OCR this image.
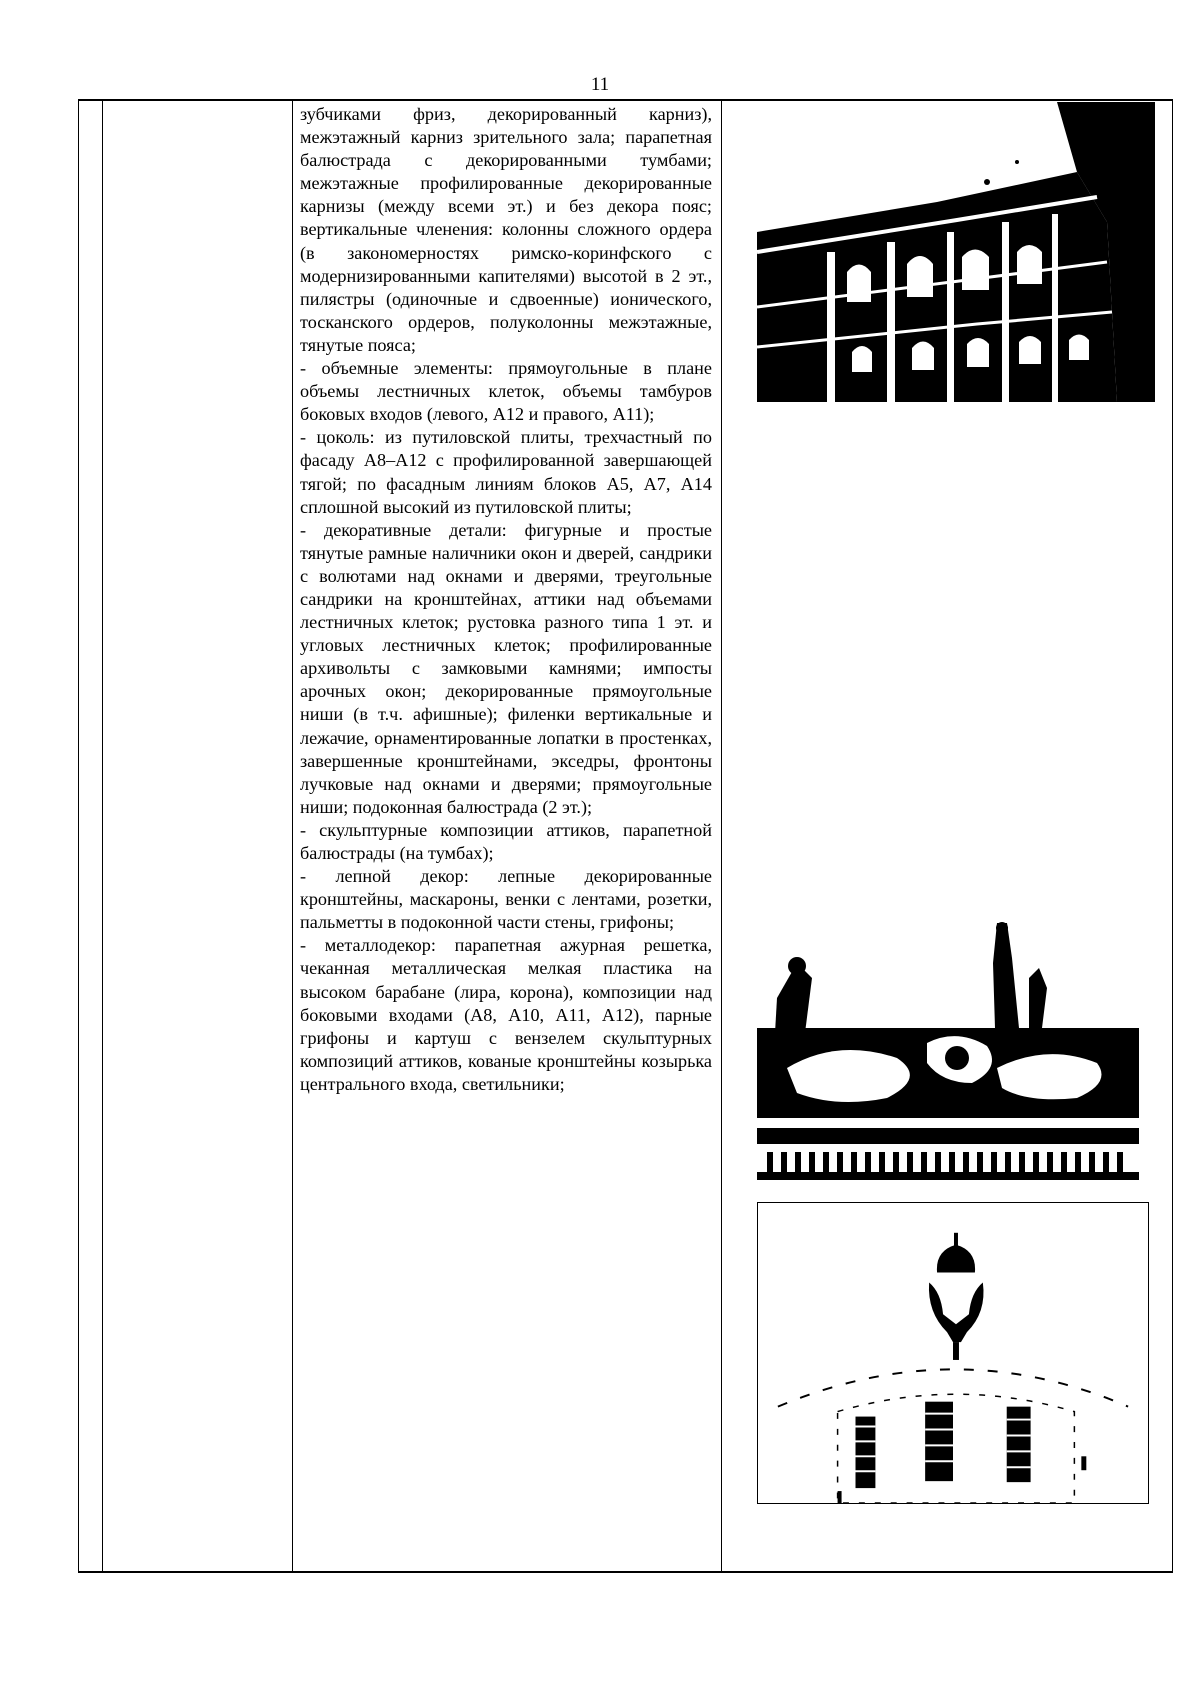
11

зубчиками фриз, декорированный карниз), межэтажный карниз зрительного зала; парапетная балюстрада с декорированными тумбами; межэтажные профилированные декорированные карнизы (между всеми эт.) и без декора пояс; вертикальные членения: колонны сложного ордера (в закономерностях римско-коринфского с модернизированными капителями) высотой в 2 эт., пилястры (одиночные и сдвоенные) ионического, тосканского ордеров, полуколонны межэтажные, тянутые пояса;

- объемные элементы: прямоугольные в плане объемы лестничных клеток, объемы тамбуров боковых входов (левого, А12 и правого, А11);

- цоколь: из путиловской плиты, трехчастный по фасаду А8–А12 с профилированной завершающей тягой; по фасадным линиям блоков А5, А7, А14 сплошной высокий из путиловской плиты;

- декоративные детали: фигурные и простые тянутые рамные наличники окон и дверей, сандрики с волютами над окнами и дверями, треугольные сандрики на кронштейнах, аттики над объемами лестничных клеток; рустовка разного типа 1 эт. и угловых лестничных клеток; профилированные архивольты с замковыми камнями; импосты арочных окон; декорированные прямоугольные ниши (в т.ч. афишные); филенки вертикальные и лежачие, орнаментированные лопатки в простенках, завершенные кронштейнами, экседры, фронтоны лучковые над окнами и дверями; прямоугольные ниши; подоконная балюстрада (2 эт.);

- скульптурные композиции аттиков, парапетной балюстрады (на тумбах);

- лепной декор: лепные декорированные кронштейны, маскароны, венки с лентами, розетки, пальметты в подоконной части стены, грифоны;

- металлодекор: парапетная ажурная решетка, чеканная металлическая мелкая пластика на высоком барабане (лира, корона), композиции над боковыми входами (А8, А10, А11, А12), парные грифоны и картуш с вензелем скульптурных композиций аттиков, кованые кронштейны козырька центрального входа, светильники;
